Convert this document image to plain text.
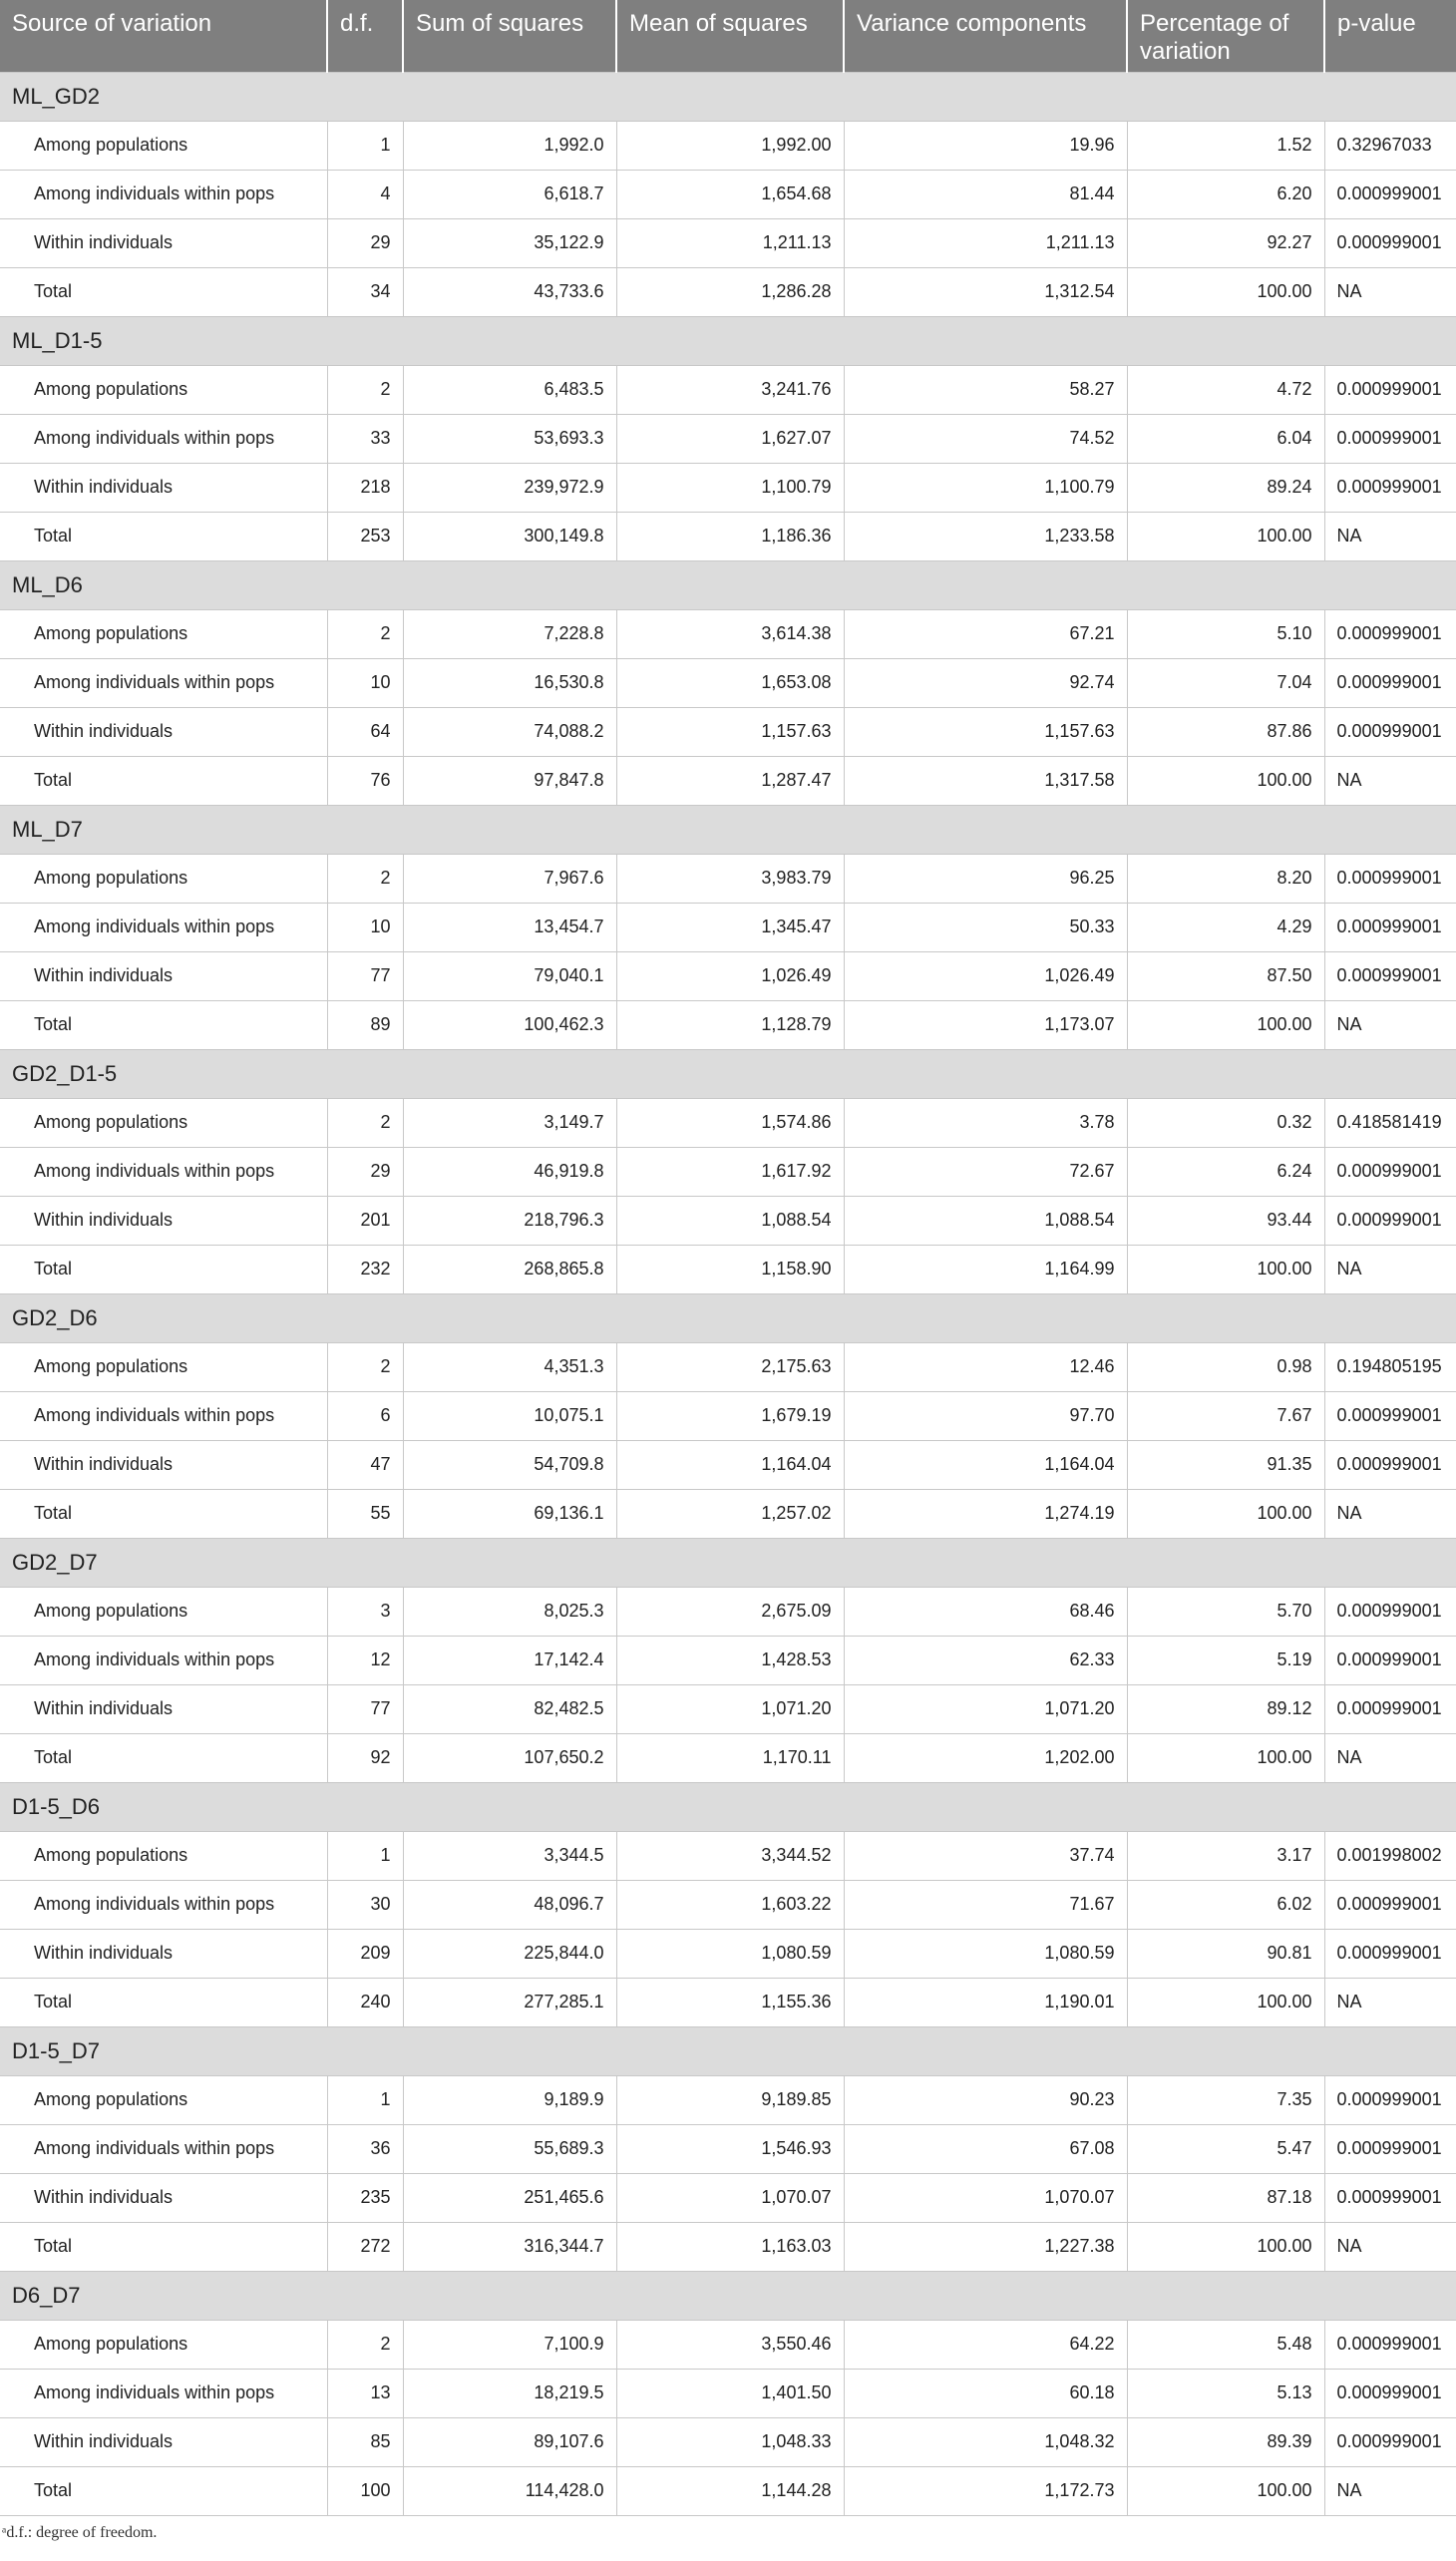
Source of variation	d.f.	Sum of squares	Mean of squares	Variance components	Percentage of variation	p-value
ML_GD2						
Among populations	1	1,992.0	1,992.00	19.96	1.52	0.32967033
Among individuals within pops	4	6,618.7	1,654.68	81.44	6.20	0.000999001
Within individuals	29	35,122.9	1,211.13	1,211.13	92.27	0.000999001
Total	34	43,733.6	1,286.28	1,312.54	100.00	NA
ML_D1-5						
Among populations	2	6,483.5	3,241.76	58.27	4.72	0.000999001
Among individuals within pops	33	53,693.3	1,627.07	74.52	6.04	0.000999001
Within individuals	218	239,972.9	1,100.79	1,100.79	89.24	0.000999001
Total	253	300,149.8	1,186.36	1,233.58	100.00	NA
ML_D6						
Among populations	2	7,228.8	3,614.38	67.21	5.10	0.000999001
Among individuals within pops	10	16,530.8	1,653.08	92.74	7.04	0.000999001
Within individuals	64	74,088.2	1,157.63	1,157.63	87.86	0.000999001
Total	76	97,847.8	1,287.47	1,317.58	100.00	NA
ML_D7						
Among populations	2	7,967.6	3,983.79	96.25	8.20	0.000999001
Among individuals within pops	10	13,454.7	1,345.47	50.33	4.29	0.000999001
Within individuals	77	79,040.1	1,026.49	1,026.49	87.50	0.000999001
Total	89	100,462.3	1,128.79	1,173.07	100.00	NA
GD2_D1-5						
Among populations	2	3,149.7	1,574.86	3.78	0.32	0.418581419
Among individuals within pops	29	46,919.8	1,617.92	72.67	6.24	0.000999001
Within individuals	201	218,796.3	1,088.54	1,088.54	93.44	0.000999001
Total	232	268,865.8	1,158.90	1,164.99	100.00	NA
GD2_D6						
Among populations	2	4,351.3	2,175.63	12.46	0.98	0.194805195
Among individuals within pops	6	10,075.1	1,679.19	97.70	7.67	0.000999001
Within individuals	47	54,709.8	1,164.04	1,164.04	91.35	0.000999001
Total	55	69,136.1	1,257.02	1,274.19	100.00	NA
GD2_D7						
Among populations	3	8,025.3	2,675.09	68.46	5.70	0.000999001
Among individuals within pops	12	17,142.4	1,428.53	62.33	5.19	0.000999001
Within individuals	77	82,482.5	1,071.20	1,071.20	89.12	0.000999001
Total	92	107,650.2	1,170.11	1,202.00	100.00	NA
D1-5_D6						
Among populations	1	3,344.5	3,344.52	37.74	3.17	0.001998002
Among individuals within pops	30	48,096.7	1,603.22	71.67	6.02	0.000999001
Within individuals	209	225,844.0	1,080.59	1,080.59	90.81	0.000999001
Total	240	277,285.1	1,155.36	1,190.01	100.00	NA
D1-5_D7						
Among populations	1	9,189.9	9,189.85	90.23	7.35	0.000999001
Among individuals within pops	36	55,689.3	1,546.93	67.08	5.47	0.000999001
Within individuals	235	251,465.6	1,070.07	1,070.07	87.18	0.000999001
Total	272	316,344.7	1,163.03	1,227.38	100.00	NA
D6_D7						
Among populations	2	7,100.9	3,550.46	64.22	5.48	0.000999001
Among individuals within pops	13	18,219.5	1,401.50	60.18	5.13	0.000999001
Within individuals	85	89,107.6	1,048.33	1,048.32	89.39	0.000999001
Total	100	114,428.0	1,144.28	1,172.73	100.00	NA
ᵃd.f.: degree of freedom.
